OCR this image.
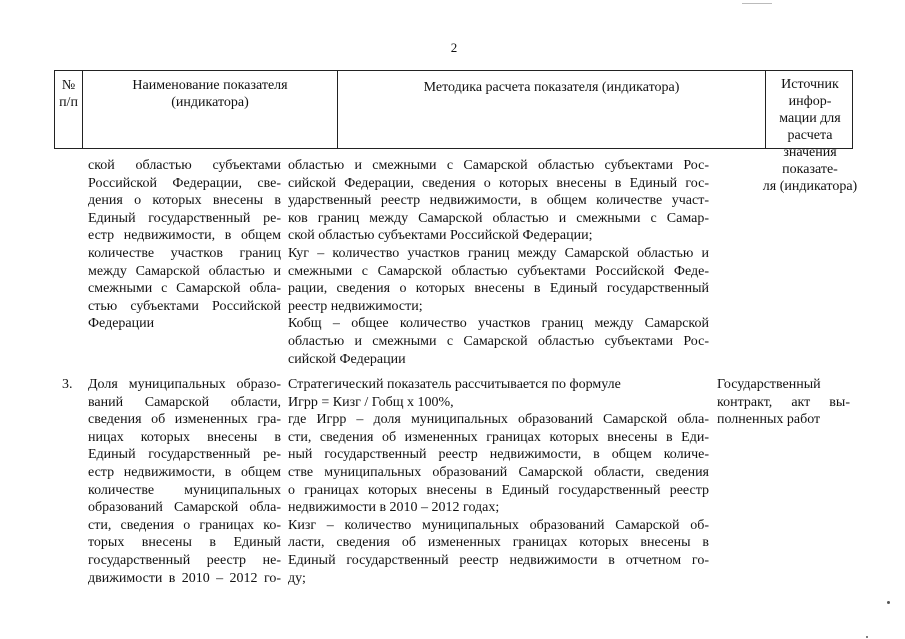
2
№
п/п
Наименование показателя
(индикатора)
Методика расчета показателя (индикатора)	Источник инфор-
мации для расчета
значения показате-
ля (индикатора)
ской областью субъектами
Российской Федерации, све-
дения о которых внесены в
Единый государственный ре-
естр недвижимости, в общем
количестве участков границ
между Самарской областью и
смежными с Самарской обла-
стью субъектами Российской
Федерации
областью и смежными с Самарской областью субъектами Рос-
сийской Федерации, сведения о которых внесены в Единый гос-
ударственный реестр недвижимости, в общем количестве участ-
ков границ между Самарской областью и смежными с Самар-
ской областью субъектами Российской Федерации;
Куг – количество участков границ между Самарской областью и
смежными с Самарской областью субъектами Российской Феде-
рации, сведения о которых внесены в Единый государственный
реестр недвижимости;
Кобщ – общее количество участков границ между Самарской
областью и смежными с Самарской областью субъектами Рос-
сийской Федерации
3. Доля муниципальных образо-
ваний Самарской области,
сведения об измененных гра-
ницах которых внесены в
Единый государственный ре-
естр недвижимости, в общем
количестве муниципальных
образований Самарской обла-
сти, сведения о границах ко-
торых внесены в Единый
государственный реестр не-
движимости в 2010 – 2012 го-
Стратегический показатель рассчитывается по формуле
Игрр = Кизг / Гобщ х 100%,
где Игрр – доля муниципальных образований Самарской обла-
сти, сведения об измененных границах которых внесены в Еди-
ный государственный реестр недвижимости, в общем количе-
стве муниципальных образований Самарской области, сведения
о границах которых внесены в Единый государственный реестр
недвижимости в 2010 – 2012 годах;
Кизг – количество муниципальных образований Самарской об-
ласти, сведения об измененных границах которых внесены в
Единый государственный реестр недвижимости в отчетном го-
ду;
Государственный
контракт, акт вы-
полненных работ
